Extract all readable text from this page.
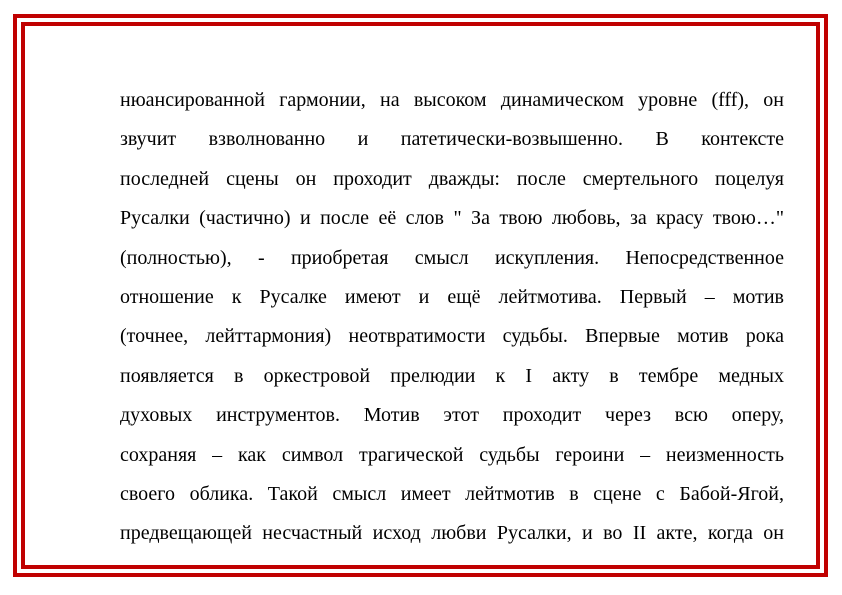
нюансированной гармонии, на высоком динамическом уровне (fff), он
звучит взволнованно и патетически-возвышенно. В контексте
последней сцены он проходит дважды: после смертельного поцелуя
Русалки (частично) и после её слов " За твою любовь, за красу твою…"
(полностью), - приобретая смысл искупления. Непосредственное
отношение к Русалке имеют и ещё лейтмотива. Первый – мотив
(точнее, лейттармония) неотвратимости судьбы. Впервые мотив рока
появляется в оркестровой прелюдии к I акту в тембре медных
духовых инструментов. Мотив этот проходит через всю оперу,
сохраняя – как символ трагической судьбы героини – неизменность
своего облика. Такой смысл имеет лейтмотив в сцене с Бабой-Ягой,
предвещающей несчастный исход любви Русалки, и во II акте, когда он
